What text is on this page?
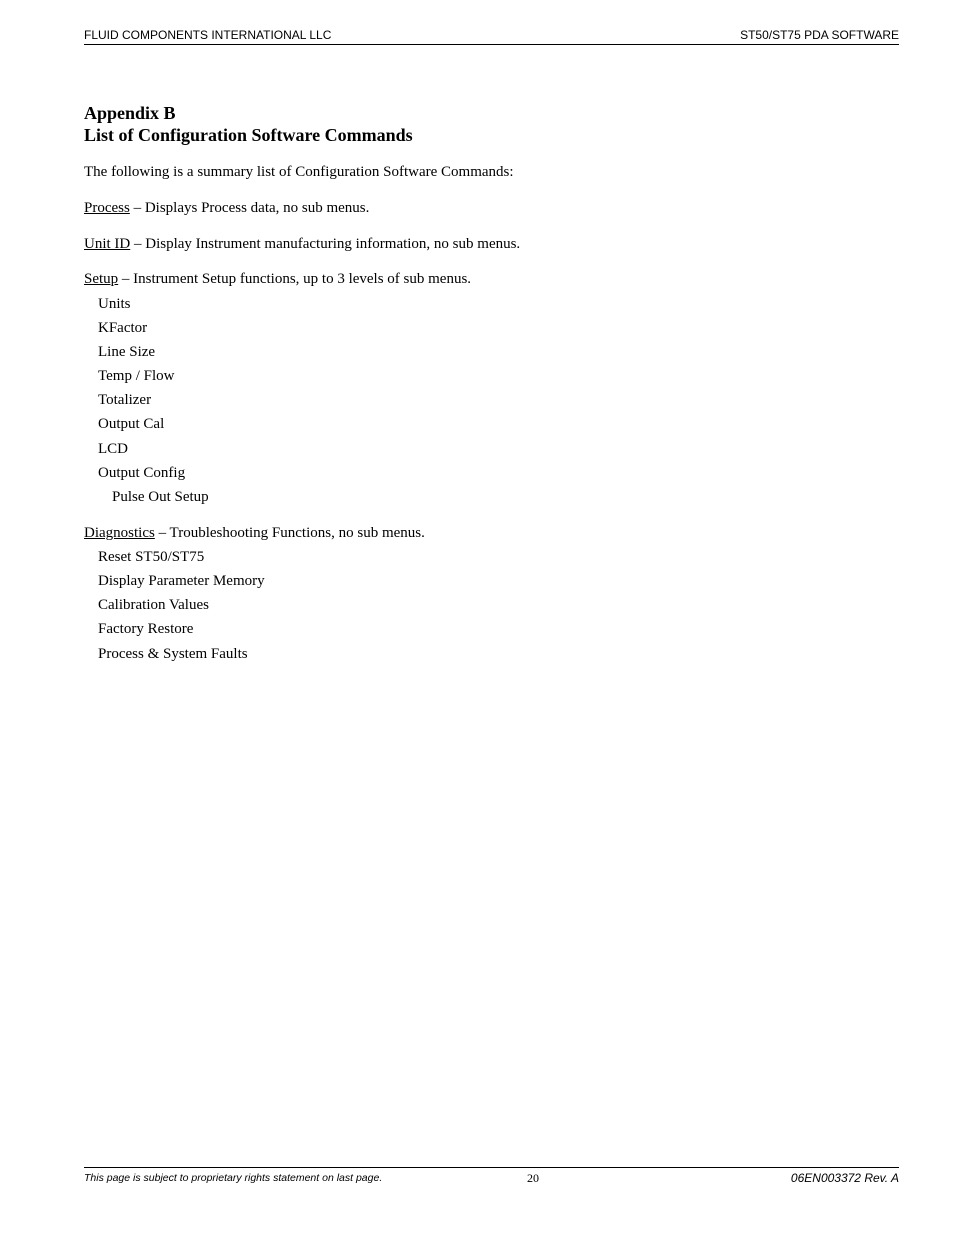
FLUID COMPONENTS INTERNATIONAL LLC	ST50/ST75 PDA SOFTWARE
Appendix B
List of Configuration Software Commands
The following is a summary list of Configuration Software Commands:
Process – Displays Process data, no sub menus.
Unit ID – Display Instrument manufacturing information, no sub menus.
Setup – Instrument Setup functions, up to 3 levels of sub menus.
Units
KFactor
Line Size
Temp / Flow
Totalizer
Output Cal
LCD
Output Config
Pulse Out Setup
Diagnostics – Troubleshooting Functions, no sub menus.
Reset ST50/ST75
Display Parameter Memory
Calibration Values
Factory Restore
Process & System Faults
This page is subject to proprietary rights statement on last page.	20	06EN003372 Rev. A
